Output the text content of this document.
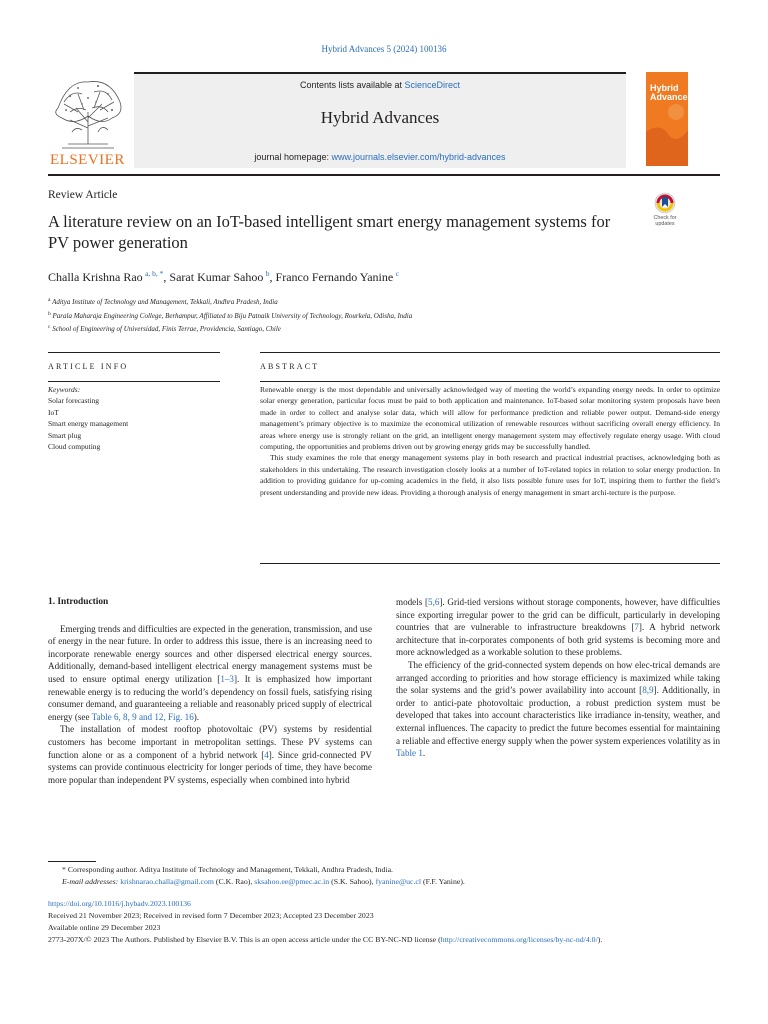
Hybrid Advances 5 (2024) 100136
ELSEVIER
Contents lists available at ScienceDirect
Hybrid Advances
journal homepage: www.journals.elsevier.com/hybrid-advances
Hybrid
Advances
Review Article
A literature review on an IoT-based intelligent smart energy management systems for PV power generation
Check for
updates
Challa Krishna Rao  $^{a, b, *}$, Sarat Kumar Sahoo  $^b$, Franco Fernando Yanine  $^c$
$^a$ Aditya Institute of Technology and Management, Tekkali, Andhra Pradesh, India
$^b$ Parala Maharaja Engineering College, Berhampur, Affiliated to Biju Patnaik University of Technology, Rourkela, Odisha, India
$^c$ School of Engineering of Universidad, Finis Terrae, Providencia, Santiago, Chile
ARTICLE INFO	ABSTRACT
Keywords:
Solar forecasting
IoT
Smart energy management
Smart plug
Cloud computing

Renewable energy is the most dependable and universally acknowledged way of meeting the world’s expanding energy needs. In order to optimize solar energy generation, particular focus must be paid to both application and maintenance. IoT-based solar monitoring system proposals have been made in order to collect and analyse solar data, which will allow for performance prediction and reliable power output. Demand-side energy management’s primary objective is to maximize the economical utilization of renewable resources without sacrificing overall energy efficiency. In areas where energy use is strongly reliant on the grid, an intelligent energy management system may effectively regulate energy usage. With cloud computing, the opportunities and problems driven out by growing energy grids may be successfully handled.

This study examines the role that energy management systems play in both research and practical industrial practises, acknowledging both as stakeholders in this undertaking. The research investigation closely looks at a number of IoT-related topics in relation to solar energy production. In addition to providing guidance for up-coming academics in the field, it also lists possible future uses for IoT, inspiring them to further the field’s present understanding and provide new ideas. Providing a thorough analysis of energy management in smart archi-tecture is the purpose.

1. Introduction

Emerging trends and difficulties are expected in the generation, transmission, and use of energy in the near future. In order to address this issue, there is an increasing need to incorporate renewable energy sources and other dispersed electrical energy sources. Additionally, demand-based intelligent electrical energy management systems must be used to ensure optimal energy utilization [1–3]. It is emphasized how important renewable energy is to reducing the world’s dependency on fossil fuels, satisfying rising consumer demand, and guaranteeing a reliable and reasonably priced supply of electrical energy (see Table 6, 8, 9 and 12, Fig. 16).

The installation of modest rooftop photovoltaic (PV) systems by residential customers has become important in metropolitan settings. These PV systems can function alone or as a component of a hybrid network [4]. Since grid-connected PV systems can provide continuous electricity for longer periods of time, they have become more popular than independent PV systems, especially when combined into hybrid

models [5,6]. Grid-tied versions without storage components, however, have difficulties since exporting irregular power to the grid can be difficult, particularly in developing countries that are vulnerable to infrastructure breakdowns [7]. A hybrid network architecture that in-corporates components of both grid systems is becoming more and more acknowledged as a workable solution to these problems.

The efficiency of the grid-connected system depends on how elec-trical demands are arranged according to priorities and how storage efficiency is maximized while taking the solar systems and the grid’s power availability into account [8,9]. Additionally, in order to antici-pate photovoltaic production, a robust prediction system must be developed that takes into account characteristics like irradiance in-tensity, weather, and external influences. The capacity to predict the future becomes essential for maintaining a reliable and effective energy supply when the power system experiences volatility as in Table 1.

* Corresponding author. Aditya Institute of Technology and Management, Tekkali, Andhra Pradesh, India.
E-mail addresses: krishnarao.challa@gmail.com (C.K. Rao), sksahoo.ee@pmec.ac.in (S.K. Sahoo), fyanine@uc.cl (F.F. Yanine).
https://doi.org/10.1016/j.hybadv.2023.100136
Received 21 November 2023; Received in revised form 7 December 2023; Accepted 23 December 2023
Available online 29 December 2023
2773-207X/© 2023 The Authors. Published by Elsevier B.V. This is an open access article under the CC BY-NC-ND license (http://creativecommons.org/licenses/by-nc-nd/4.0/).
